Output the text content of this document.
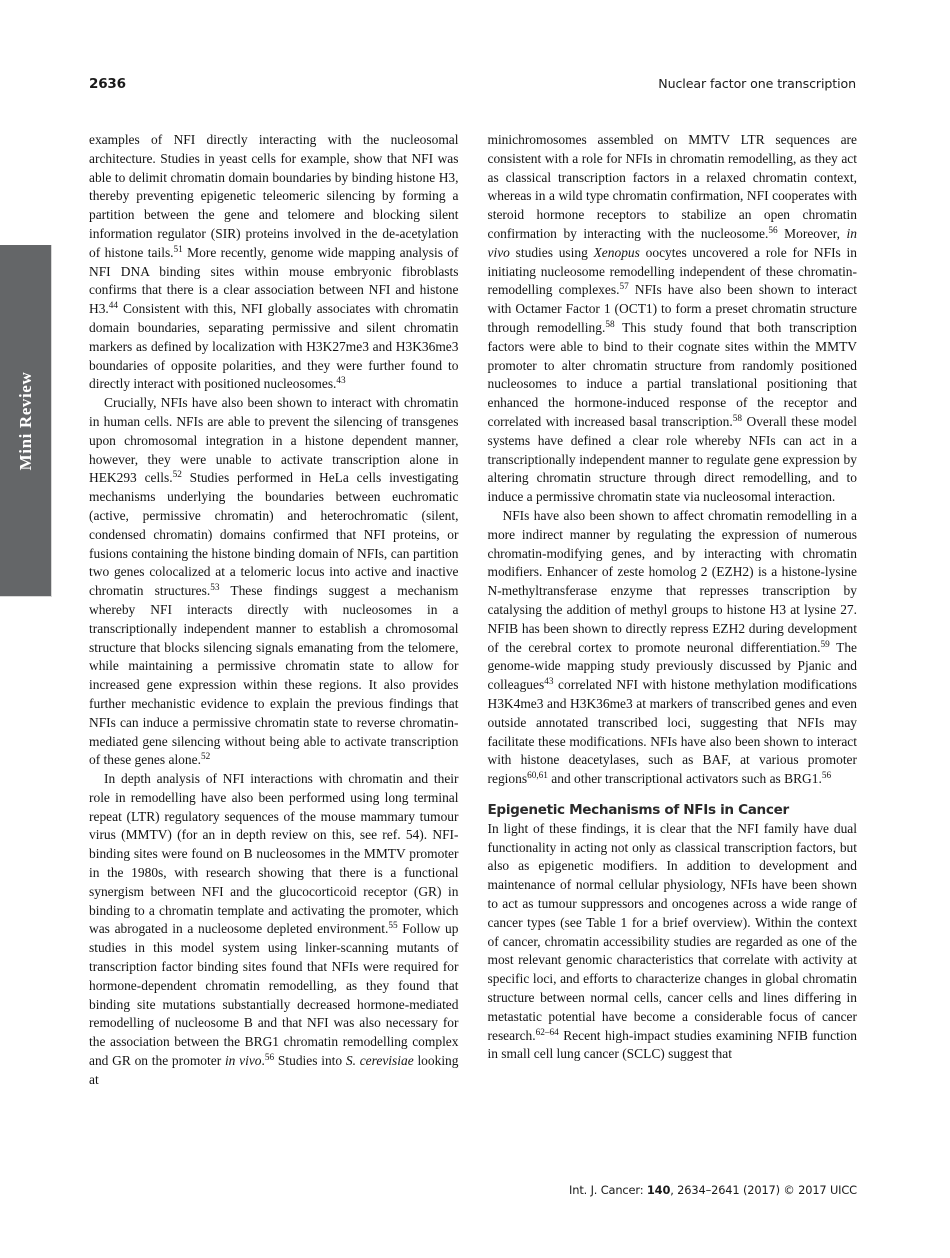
2636	Nuclear factor one transcription
Mini Review

examples of NFI directly interacting with the nucleosomal architecture. Studies in yeast cells for example, show that NFI was able to delimit chromatin domain boundaries by binding histone H3, thereby preventing epigenetic teleomeric silencing by forming a partition between the gene and telomere and blocking silent information regulator (SIR) proteins involved in the de-acetylation of histone tails.$^{51}$ More recently, genome wide mapping analysis of NFI DNA binding sites within mouse embryonic fibroblasts confirms that there is a clear association between NFI and histone H3.44 Consistent with this, NFI globally associates with chromatin domain boundaries, separating permissive and silent chromatin markers as defined by localization with H3K27me3 and H3K36me3 boundaries of opposite polarities, and they were further found to directly interact with positioned nucleosomes.$^{43}$

Crucially, NFIs have also been shown to interact with chromatin in human cells. NFIs are able to prevent the silencing of transgenes upon chromosomal integration in a histone dependent manner, however, they were unable to activate transcription alone in HEK293 cells.$^{52}$ Studies performed in HeLa cells investigating mechanisms underlying the boundaries between euchromatic (active, permissive chromatin) and heterochromatic (silent, condensed chromatin) domains confirmed that NFI proteins, or fusions containing the histone binding domain of NFIs, can partition two genes colocalized at a telomeric locus into active and inactive chromatin structures.$^{53}$ These findings suggest a mechanism whereby NFI interacts directly with nucleosomes in a transcriptionally independent manner to establish a chromosomal structure that blocks silencing signals emanating from the telomere, while maintaining a permissive chromatin state to allow for increased gene expression within these regions. It also provides further mechanistic evidence to explain the previous findings that NFIs can induce a permissive chromatin state to reverse chromatin-mediated gene silencing without being able to activate transcription of these genes alone.$^{52}$

In depth analysis of NFI interactions with chromatin and their role in remodelling have also been performed using long terminal repeat (LTR) regulatory sequences of the mouse mammary tumour virus (MMTV) (for an in depth review on this, see ref. 54). NFI-binding sites were found on B nucleosomes in the MMTV promoter in the 1980s, with research showing that there is a functional synergism between NFI and the glucocorticoid receptor (GR) in binding to a chromatin template and activating the promoter, which was abrogated in a nucleosome depleted environment.$^{55}$ Follow up studies in this model system using linker-scanning mutants of transcription factor binding sites found that NFIs were required for hormone-dependent chromatin remodelling, as they found that binding site mutations substantially decreased hormone-mediated remodelling of nucleosome B and that NFI was also necessary for the association between the BRG1 chromatin remodelling complex and GR on the promoter in vivo.$^{56}$ Studies into S. cerevisiae looking at

minichromosomes assembled on MMTV LTR sequences are consistent with a role for NFIs in chromatin remodelling, as they act as classical transcription factors in a relaxed chromatin context, whereas in a wild type chromatin confirmation, NFI cooperates with steroid hormone receptors to stabilize an open chromatin confirmation by interacting with the nucleosome.$^{56}$ Moreover, in vivo studies using Xenopus oocytes uncovered a role for NFIs in initiating nucleosome remodelling independent of these chromatin-remodelling complexes.$^{57}$ NFIs have also been shown to interact with Octamer Factor 1 (OCT1) to form a preset chromatin structure through remodelling.$^{58}$ This study found that both transcription factors were able to bind to their cognate sites within the MMTV promoter to alter chromatin structure from randomly positioned nucleosomes to induce a partial translational positioning that enhanced the hormone-induced response of the receptor and correlated with increased basal transcription.$^{58}$ Overall these model systems have defined a clear role whereby NFIs can act in a transcriptionally independent manner to regulate gene expression by altering chromatin structure through direct remodelling, and to induce a permissive chromatin state via nucleosomal interaction.

NFIs have also been shown to affect chromatin remodelling in a more indirect manner by regulating the expression of numerous chromatin-modifying genes, and by interacting with chromatin modifiers. Enhancer of zeste homolog 2 (EZH2) is a histone-lysine N-methyltransferase enzyme that represses transcription by catalysing the addition of methyl groups to histone H3 at lysine 27. NFIB has been shown to directly repress EZH2 during development of the cerebral cortex to promote neuronal differentiation.$^{59}$ The genome-wide mapping study previously discussed by Pjanic and colleagues$^{43}$ correlated NFI with histone methylation modifications H3K4me3 and H3K36me3 at markers of transcribed genes and even outside annotated transcribed loci, suggesting that NFIs may facilitate these modifications. NFIs have also been shown to interact with histone deacetylases, such as BAF, at various promoter regions$^{60,61}$ and other transcriptional activators such as BRG1.56

Epigenetic Mechanisms of NFIs in Cancer

In light of these findings, it is clear that the NFI family have dual functionality in acting not only as classical transcription factors, but also as epigenetic modifiers. In addition to development and maintenance of normal cellular physiology, NFIs have been shown to act as tumour suppressors and oncogenes across a wide range of cancer types (see Table 1 for a brief overview). Within the context of cancer, chromatin accessibility studies are regarded as one of the most relevant genomic characteristics that correlate with activity at specific loci, and efforts to characterize changes in global chromatin structure between normal cells, cancer cells and lines differing in metastatic potential have become a considerable focus of cancer research.$^{62-64}$ Recent high-impact studies examining NFIB function in small cell lung cancer (SCLC) suggest that

Int. J. Cancer: 140, 2634–2641 (2017) © 2017 UICC
